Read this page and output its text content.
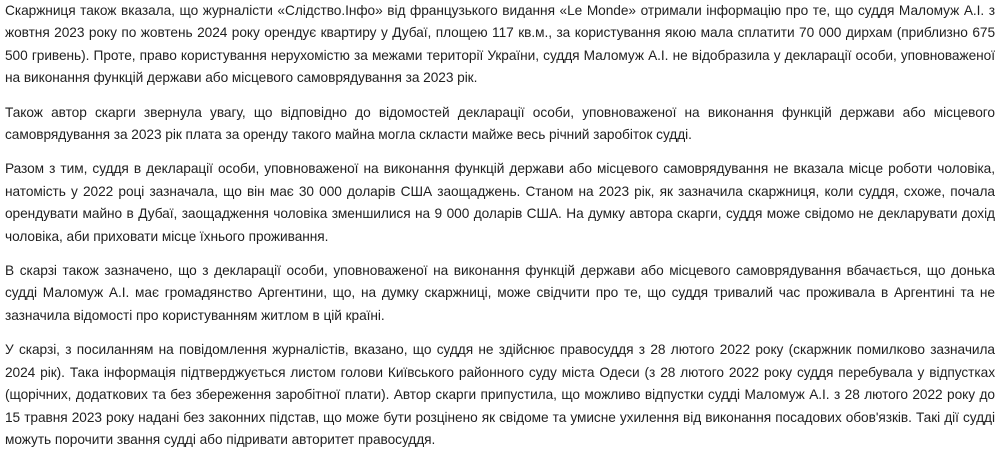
Скаржниця також вказала, що журналісти «Слідство.Інфо» від французького видання «Le Monde» отримали інформацію про те, що суддя Маломуж А.І. з жовтня 2023 року по жовтень 2024 року орендує квартиру у Дубаї, площею 117 кв.м., за користування якою мала сплатити 70 000 дирхам (приблизно 675 500 гривень). Проте, право користування нерухомістю за межами території України, суддя Маломуж А.І. не відобразила у декларації особи, уповноваженої на виконання функцій держави або місцевого самоврядування за 2023 рік.

Також автор скарги звернула увагу, що відповідно до відомостей декларації особи, уповноваженої на виконання функцій держави або місцевого самоврядування за 2023 рік плата за оренду такого майна могла скласти майже весь річний заробіток судді.

Разом з тим, суддя в декларації особи, уповноваженої на виконання функцій держави або місцевого самоврядування не вказала місце роботи чоловіка, натомість у 2022 році зазначала, що він має 30 000 доларів США заощаджень. Станом на 2023 рік, як зазначила скаржниця, коли суддя, схоже, почала орендувати майно в Дубаї, заощадження чоловіка зменшилися на 9 000 доларів США. На думку автора скарги, суддя може свідомо не декларувати дохід чоловіка, аби приховати місце їхнього проживання.

В скарзі також зазначено, що з декларації особи, уповноваженої на виконання функцій держави або місцевого самоврядування вбачається, що донька судді Маломуж А.І. має громадянство Аргентини, що, на думку скаржниці, може свідчити про те, що суддя тривалий час проживала в Аргентині та не зазначила відомості про користуванням житлом в цій країні.

У скарзі, з посиланням на повідомлення журналістів, вказано, що суддя не здійснює правосуддя з 28 лютого 2022 року (скаржник помилково зазначила 2024 рік). Така інформація підтверджується листом голови Київського районного суду міста Одеси (з 28 лютого 2022 року суддя перебувала у відпустках (щорічних, додаткових та без збереження заробітної плати). Автор скарги припустила, що можливо відпустки судді Маломуж А.І. з 28 лютого 2022 року до 15 травня 2023 року надані без законних підстав, що може бути розцінено як свідоме та умисне ухилення від виконання посадових обов'язків. Такі дії судді можуть порочити звання судді або підривати авторитет правосуддя.
